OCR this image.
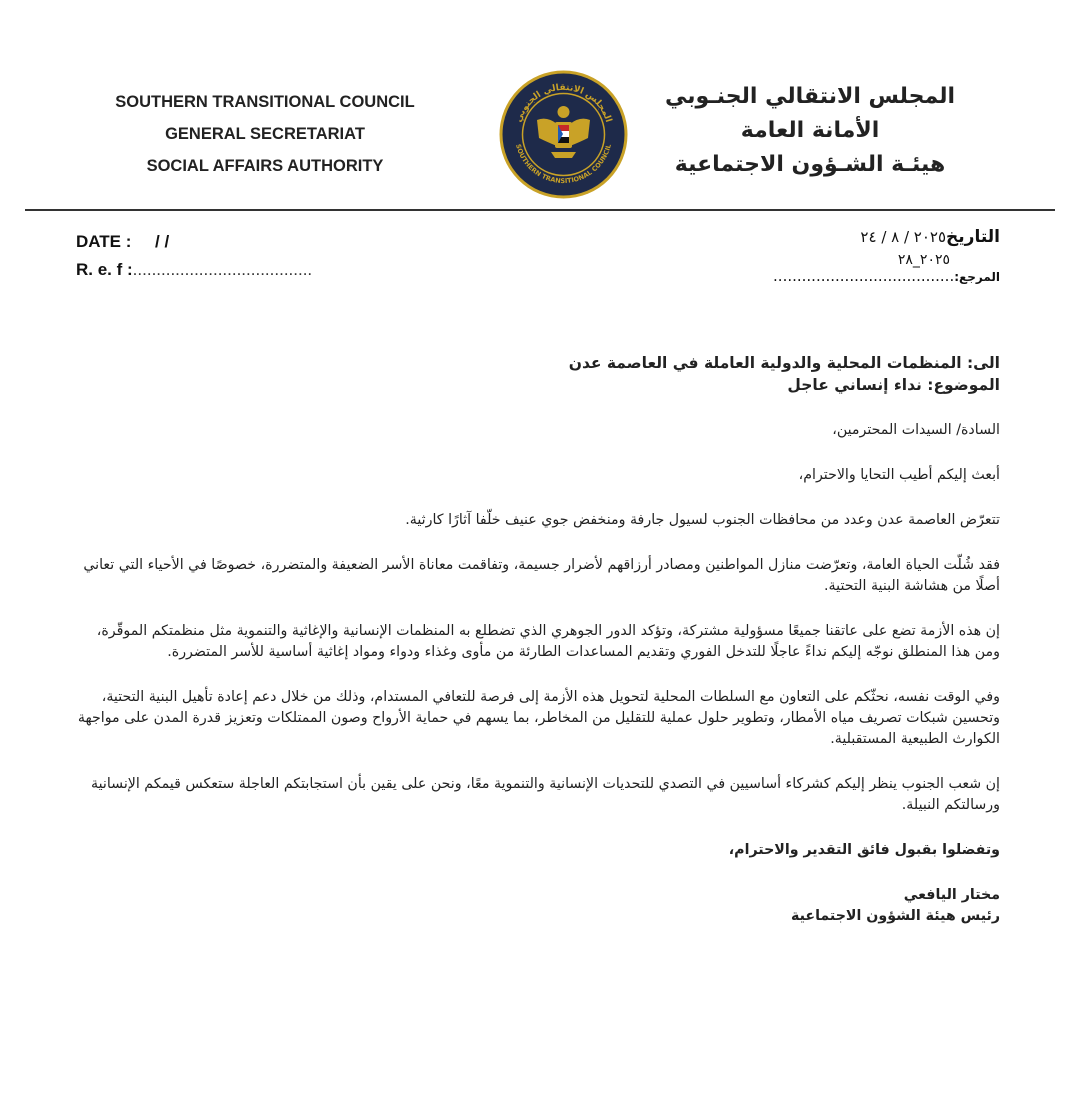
SOUTHERN TRANSITIONAL COUNCIL
GENERAL SECRETARIAT
SOCIAL AFFAIRS AUTHORITY
المجلس الانتقالي الجنوبي
SOUTHERN TRANSITIONAL COUNCIL
المجلس الانتقالي الجنـوبي
الأمانة العامة
هيئـة الشـؤون الاجتماعية
DATE : / /
R. e. f :......................................
التاريخ٢٠٢٥ / ٨ / ٢٤
٢٠٢٥_٢٨
المرجع:......................................
الى: المنظمات المحلية والدولية العاملة في العاصمة عدن
الموضوع: نداء إنساني عاجل

السادة/ السيدات المحترمين،

أبعث إليكم أطيب التحايا والاحترام،

تتعرّض العاصمة عدن وعدد من محافظات الجنوب لسيول جارفة ومنخفض جوي عنيف خلّفا آثارًا كارثية.

فقد شُلّت الحياة العامة، وتعرّضت منازل المواطنين ومصادر أرزاقهم لأضرار جسيمة، وتفاقمت معاناة الأسر الضعيفة والمتضررة، خصوصًا في الأحياء التي تعاني أصلًا من هشاشة البنية التحتية.

إن هذه الأزمة تضع على عاتقنا جميعًا مسؤولية مشتركة، وتؤكد الدور الجوهري الذي تضطلع به المنظمات الإنسانية والإغاثية والتنموية مثل منظمتكم الموقّرة، ومن هذا المنطلق نوجّه إليكم نداءً عاجلًا للتدخل الفوري وتقديم المساعدات الطارئة من مأوى وغذاء ودواء ومواد إغاثية أساسية للأسر المتضررة.

وفي الوقت نفسه، نحثّكم على التعاون مع السلطات المحلية لتحويل هذه الأزمة إلى فرصة للتعافي المستدام، وذلك من خلال دعم إعادة تأهيل البنية التحتية، وتحسين شبكات تصريف مياه الأمطار، وتطوير حلول عملية للتقليل من المخاطر، بما يسهم في حماية الأرواح وصون الممتلكات وتعزيز قدرة المدن على مواجهة الكوارث الطبيعية المستقبلية.

إن شعب الجنوب ينظر إليكم كشركاء أساسيين في التصدي للتحديات الإنسانية والتنموية معًا، ونحن على يقين بأن استجابتكم العاجلة ستعكس قيمكم الإنسانية ورسالتكم النبيلة.

وتفضلوا بقبول فائق التقدير والاحترام،

مختار اليافعي

رئيس هيئة الشؤون الاجتماعية
